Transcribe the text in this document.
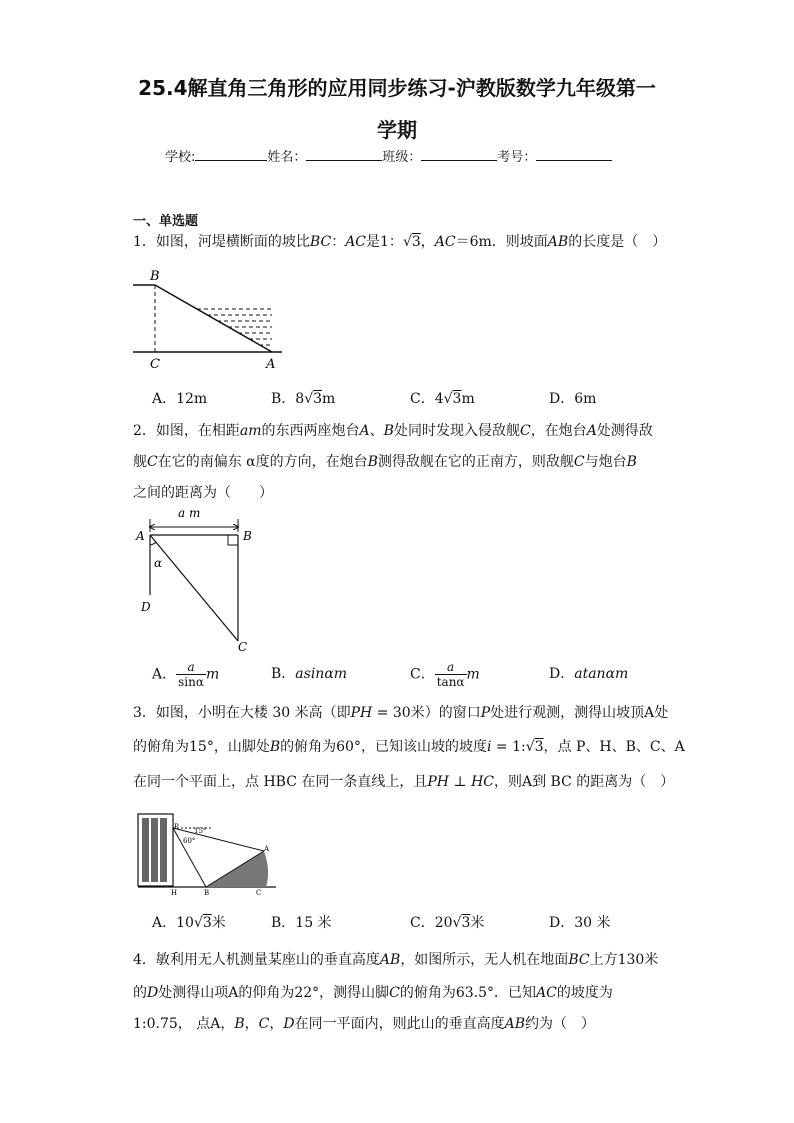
25.4解直角三角形的应用同步练习-沪教版数学九年级第一
学期
学校:	姓名：	班级：	考号：
一、单选题
1．如图，河堤横断面的坡比BC：AC是1：√3，AC＝6m．则坡面AB的长度是（　）
B
C	A
A．12m	B．8√3m	C．4√3m	D．6m
2．如图，在相距am的东西两座炮台A、B处同时发现入侵敌舰C，在炮台A处测得敌
舰C在它的南偏东 α度的方向，在炮台B测得敌舰在它的正南方，则敌舰C与炮台B
之间的距离为（　　）
a m
A	B
α
D
C
A． $\frac{a}{\sin\alpha}$ m	B．asinαm	C． $\frac{a}{\tan\alpha}$ m	D．atanαm
3．如图，小明在大楼 30 米高（即PH = 30米）的窗口P处进行观测，测得山坡顶A处
的俯角为15°，山脚处B的俯角为60°，已知该山坡的坡度i = 1:√3，点 P、H、B、C、A
在同一个平面上，点 HBC 在同一条直线上，且PH ⊥ HC，则A到 BC 的距离为（　）
P 15°
60°
A
H	B	C
A．10√3米	B．15 米	C．20√3米	D．30 米
4．敏利用无人机测量某座山的垂直高度AB，如图所示，无人机在地面BC上方130米
的D处测得山项A的仰角为22°，测得山脚C的俯角为63.5°．已知AC的坡度为
1:0.75， 点A，B，C，D在同一平面内，则此山的垂直高度AB约为（　）
